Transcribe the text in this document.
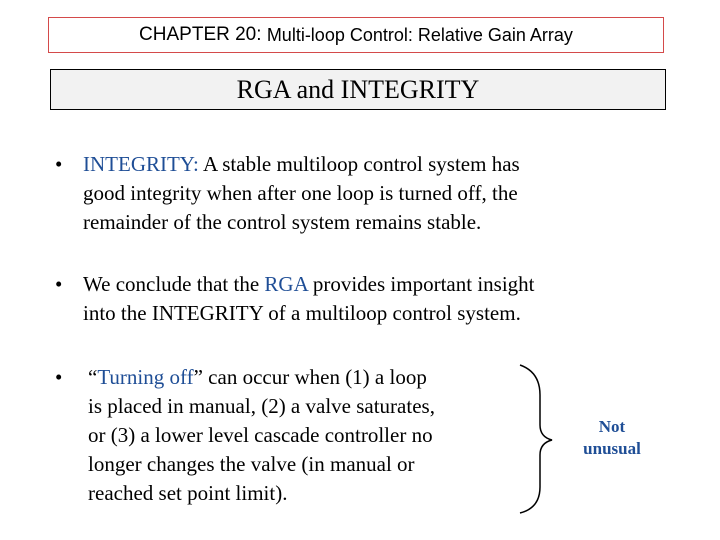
CHAPTER 20:
Multi-loop Control: Relative Gain Array
RGA and INTEGRITY
• INTEGRITY: A stable multiloop control system has
good integrity when after one loop is turned off, the
remainder of the control system remains stable.
• We conclude that the RGA provides important insight
into the INTEGRITY of a multiloop control system.
• “Turning off” can occur when (1) a loop
is placed in manual, (2) a valve saturates,
or (3) a lower level cascade controller no
longer changes the valve (in manual or
reached set point limit).
Not
unusual
